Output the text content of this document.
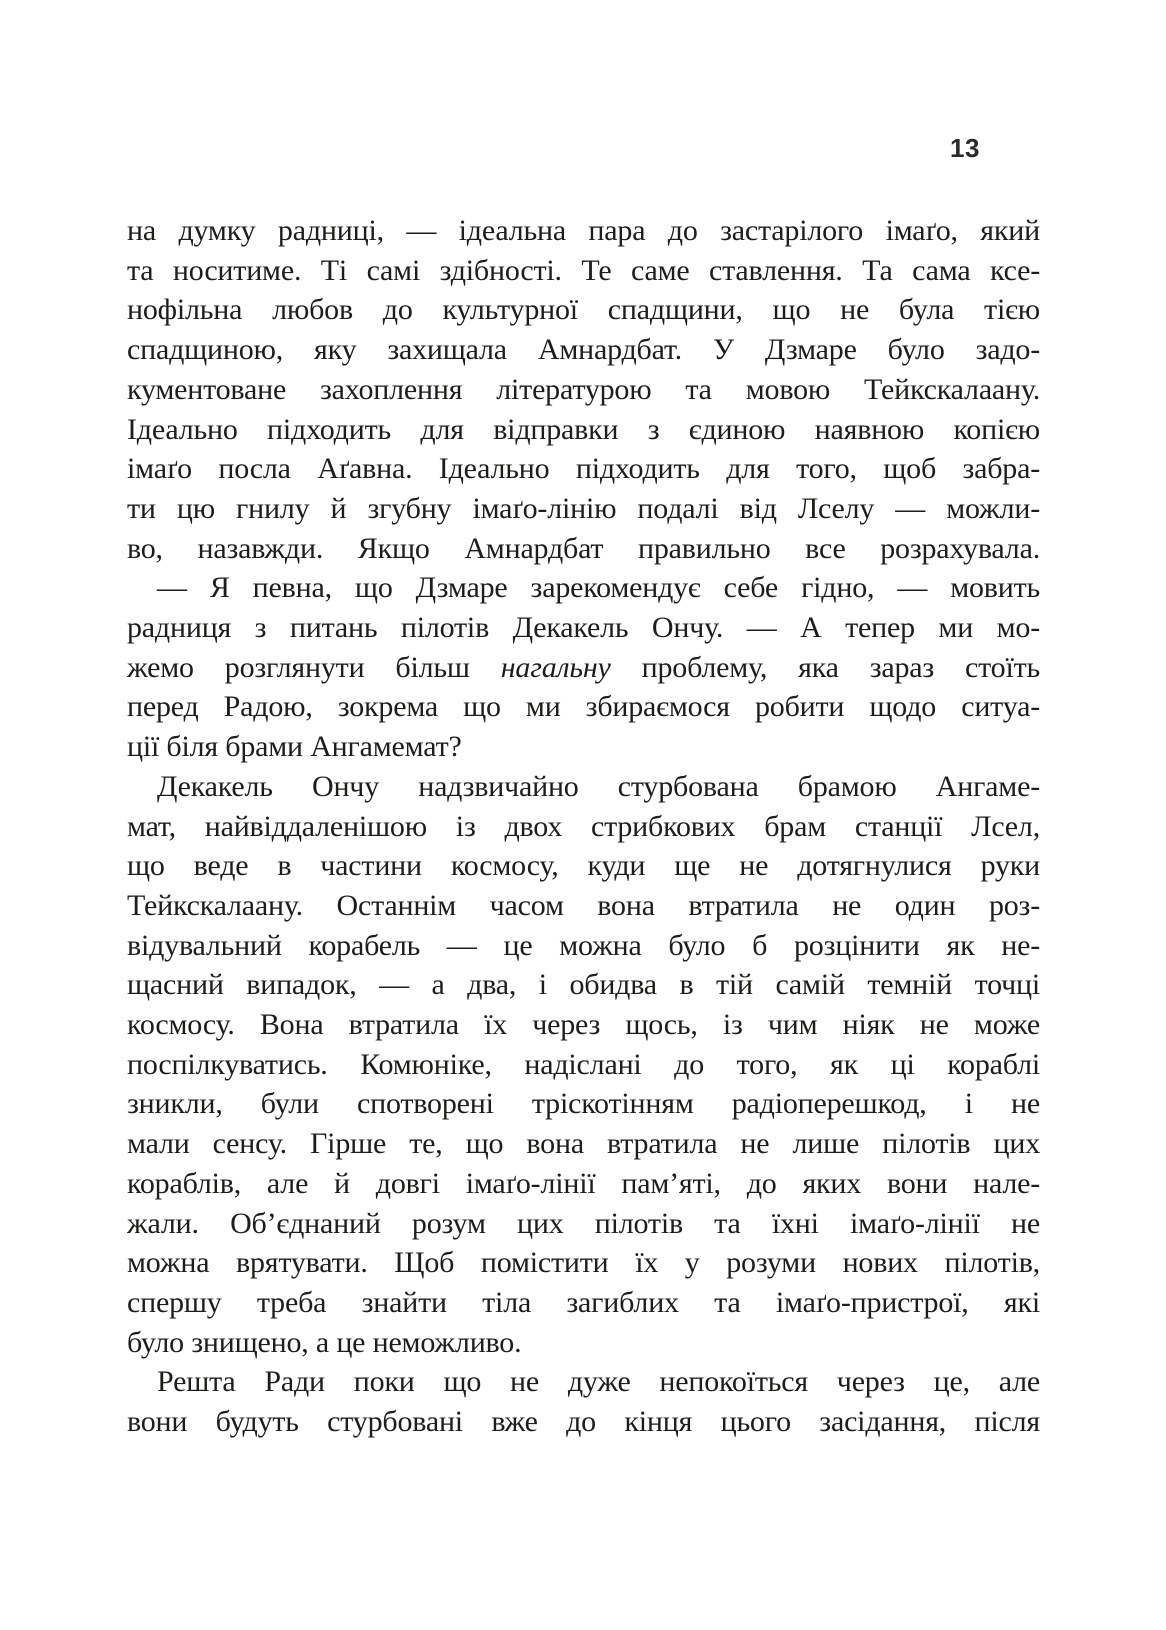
13
на думку радниці, — ідеальна пара до застарілого імаґо, який
та носитиме. Ті самі здібності. Те саме ставлення. Та сама ксе-
нофільна любов до культурної спадщини, що не була тією
спадщиною, яку захищала Амнардбат. У Дзмаре було задо-
кументоване захоплення літературою та мовою Тейкскалаану.
Ідеально підходить для відправки з єдиною наявною копією
імаґо посла Аґавна. Ідеально підходить для того, щоб забра-
ти цю гнилу й згубну імаґо-лінію подалі від Лселу — можли-
во, назавжди. Якщо Амнардбат правильно все розрахувала.
— Я певна, що Дзмаре зарекомендує себе гідно, — мовить
радниця з питань пілотів Декакель Ончу. — А тепер ми мо-
жемо розглянути більш нагальну проблему, яка зараз стоїть
перед Радою, зокрема що ми збираємося робити щодо ситуа-
ції біля брами Ангамемат?
Декакель Ончу надзвичайно стурбована брамою Ангаме-
мат, найвіддаленішою із двох стрибкових брам станції Лсел,
що веде в частини космосу, куди ще не дотягнулися руки
Тейкскалаану. Останнім часом вона втратила не один роз-
відувальний корабель — це можна було б розцінити як не-
щасний випадок, — а два, і обидва в тій самій темній точці
космосу. Вона втратила їх через щось, із чим ніяк не може
поспілкуватись. Комюніке, надіслані до того, як ці кораблі
зникли, були спотворені тріскотінням радіоперешкод, і не
мали сенсу. Гірше те, що вона втратила не лише пілотів цих
кораблів, але й довгі імаґо-лінії пам’яті, до яких вони нале-
жали. Об’єднаний розум цих пілотів та їхні імаґо-лінії не
можна врятувати. Щоб помістити їх у розуми нових пілотів,
спершу треба знайти тіла загиблих та імаґо-пристрої, які
було знищено, а це неможливо.
Решта Ради поки що не дуже непокоїться через це, але
вони будуть стурбовані вже до кінця цього засідання, після
